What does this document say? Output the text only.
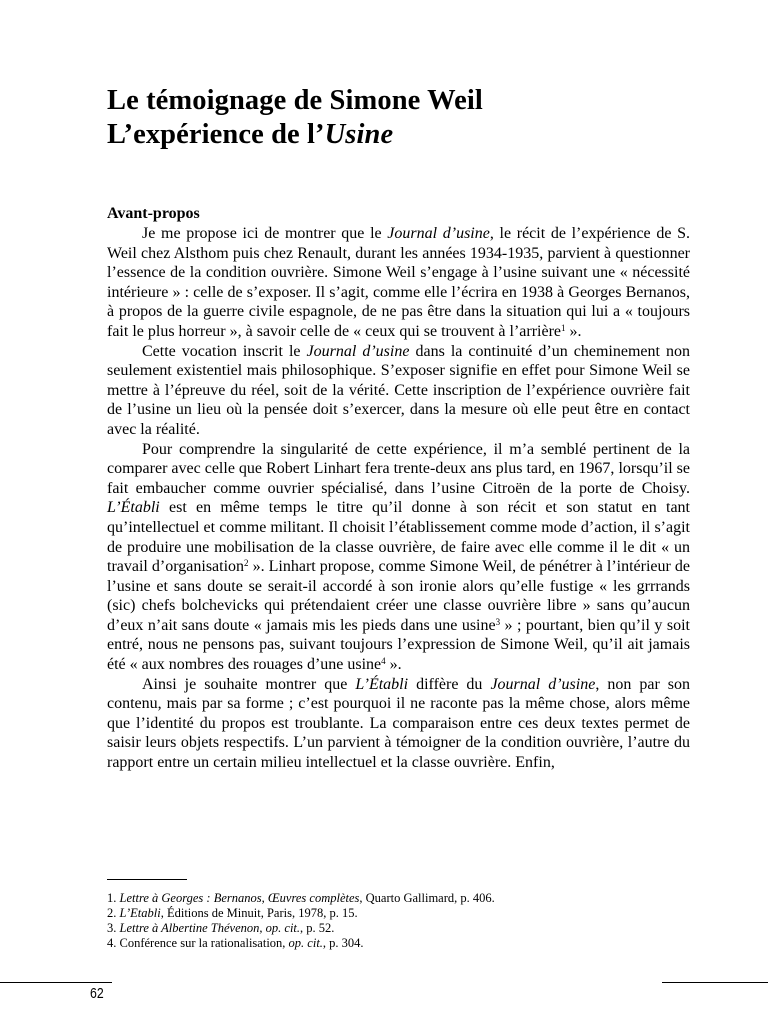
Le témoignage de Simone Weil
L’expérience de l’Usine
Avant-propos

Je me propose ici de montrer que le Journal d’usine, le récit de l’expérience de S. Weil chez Alsthom puis chez Renault, durant les années 1934-1935, parvient à questionner l’essence de la condition ouvrière. Simone Weil s’engage à l’usine suivant une « nécessité intérieure » : celle de s’exposer. Il s’agit, comme elle l’écrira en 1938 à Georges Bernanos, à propos de la guerre civile espagnole, de ne pas être dans la situation qui lui a « toujours fait le plus horreur », à savoir celle de « ceux qui se trouvent à l’arrière$^1$ ».

Cette vocation inscrit le Journal d’usine dans la continuité d’un cheminement non seulement existentiel mais philosophique. S’exposer signifie en effet pour Simone Weil se mettre à l’épreuve du réel, soit de la vérité. Cette inscription de l’expérience ouvrière fait de l’usine un lieu où la pensée doit s’exercer, dans la mesure où elle peut être en contact avec la réalité.

Pour comprendre la singularité de cette expérience, il m’a semblé pertinent de la comparer avec celle que Robert Linhart fera trente-deux ans plus tard, en 1967, lorsqu’il se fait embaucher comme ouvrier spécialisé, dans l’usine Citroën de la porte de Choisy. L’Établi est en même temps le titre qu’il donne à son récit et son statut en tant qu’intellectuel et comme militant. Il choisit l’établissement comme mode d’action, il s’agit de produire une mobilisation de la classe ouvrière, de faire avec elle comme il le dit « un travail d’organisation$^2$ ». Linhart propose, comme Simone Weil, de pénétrer à l’intérieur de l’usine et sans doute se serait-il accordé à son ironie alors qu’elle fustige « les grrrands (sic) chefs bolchevicks qui prétendaient créer une classe ouvrière libre » sans qu’aucun d’eux n’ait sans doute « jamais mis les pieds dans une usine$^3$ » ; pourtant, bien qu’il y soit entré, nous ne pensons pas, suivant toujours l’expression de Simone Weil, qu’il ait jamais été « aux nombres des rouages d’une usine$^4$ ».

Ainsi je souhaite montrer que L’Établi diffère du Journal d’usine, non par son contenu, mais par sa forme ; c’est pourquoi il ne raconte pas la même chose, alors même que l’identité du propos est troublante. La comparaison entre ces deux textes permet de saisir leurs objets respectifs. L’un parvient à témoigner de la condition ouvrière, l’autre du rapport entre un certain milieu intellectuel et la classe ouvrière. Enfin,

1. Lettre à Georges : Bernanos, Œuvres complètes, Quarto Gallimard, p. 406.

2. L’Etabli, Éditions de Minuit, Paris, 1978, p. 15.

3. Lettre à Albertine Thévenon, op. cit., p. 52.

4. Conférence sur la rationalisation, op. cit., p. 304.

62
